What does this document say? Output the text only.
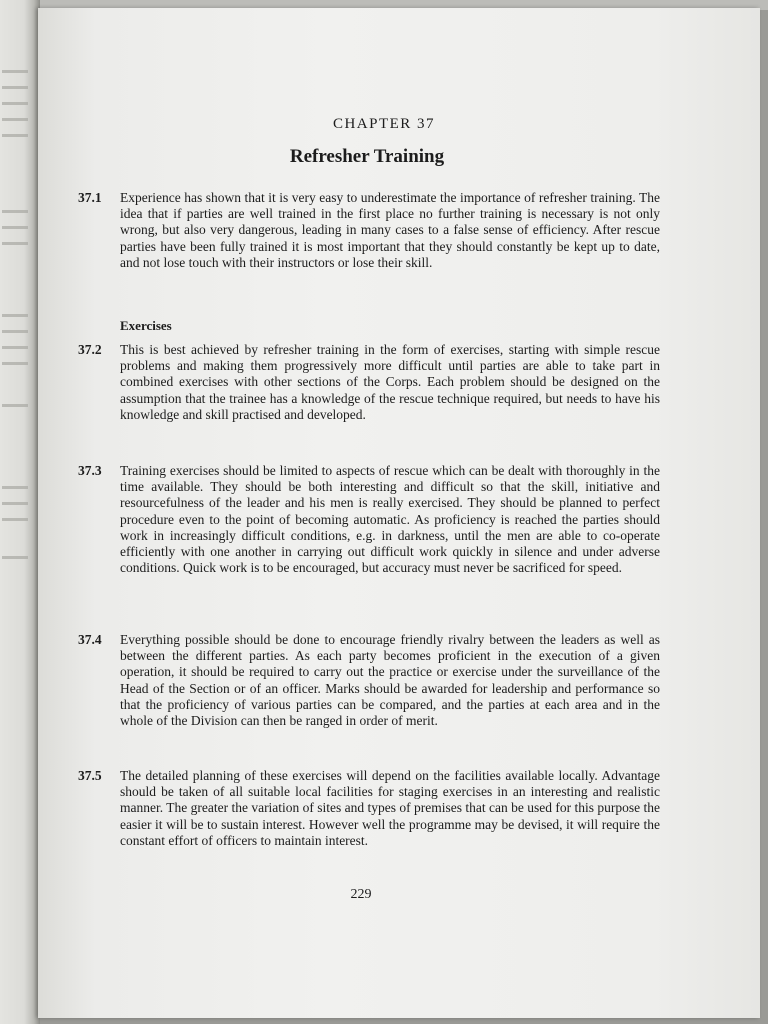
CHAPTER 37
Refresher Training
37.1 Experience has shown that it is very easy to underestimate the importance of refresher training. The idea that if parties are well trained in the first place no further training is necessary is not only wrong, but also very dangerous, leading in many cases to a false sense of efficiency. After rescue parties have been fully trained it is most important that they should constantly be kept up to date, and not lose touch with their instructors or lose their skill.
Exercises
37.2 This is best achieved by refresher training in the form of exercises, starting with simple rescue problems and making them progressively more difficult until parties are able to take part in combined exercises with other sections of the Corps. Each problem should be designed on the assumption that the trainee has a knowledge of the rescue technique required, but needs to have his knowledge and skill practised and developed.
37.3 Training exercises should be limited to aspects of rescue which can be dealt with thoroughly in the time available. They should be both interesting and difficult so that the skill, initiative and resourcefulness of the leader and his men is really exercised. They should be planned to perfect procedure even to the point of becoming automatic. As proficiency is reached the parties should work in increasingly difficult conditions, e.g. in darkness, until the men are able to co-operate efficiently with one another in carrying out difficult work quickly in silence and under adverse conditions. Quick work is to be encouraged, but accuracy must never be sacrificed for speed.
37.4 Everything possible should be done to encourage friendly rivalry between the leaders as well as between the different parties. As each party becomes proficient in the execution of a given operation, it should be required to carry out the practice or exercise under the surveillance of the Head of the Section or of an officer. Marks should be awarded for leadership and performance so that the proficiency of various parties can be compared, and the parties at each area and in the whole of the Division can then be ranged in order of merit.
37.5 The detailed planning of these exercises will depend on the facilities available locally. Advantage should be taken of all suitable local facilities for staging exercises in an interesting and realistic manner. The greater the variation of sites and types of premises that can be used for this purpose the easier it will be to sustain interest. However well the programme may be devised, it will require the constant effort of officers to maintain interest.
229
